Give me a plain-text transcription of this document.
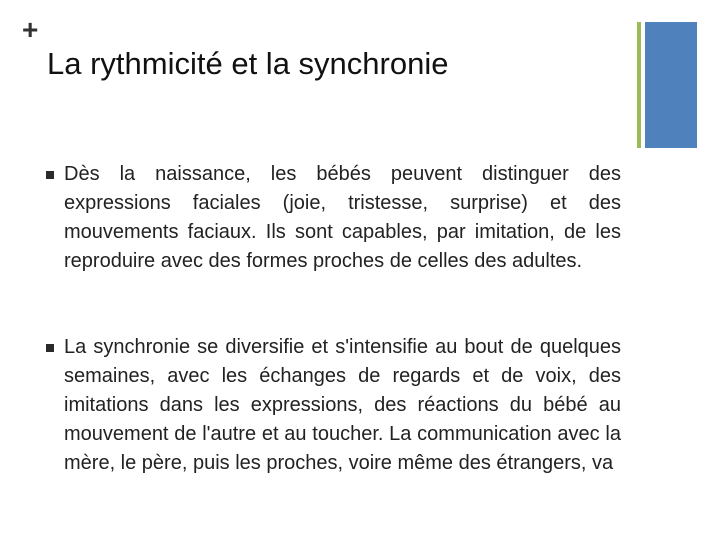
+
La rythmicité et la synchronie
Dès la naissance, les bébés peuvent distinguer des expressions faciales (joie, tristesse, surprise) et des mouvements faciaux. Ils sont capables, par imitation, de les reproduire avec des formes proches de celles des adultes.
La synchronie se diversifie et s'intensifie au bout de quelques semaines, avec les échanges de regards et de voix, des imitations dans les expressions, des réactions du bébé au mouvement de l'autre et au toucher. La communication avec la mère, le père, puis les proches, voire même des étrangers, va
